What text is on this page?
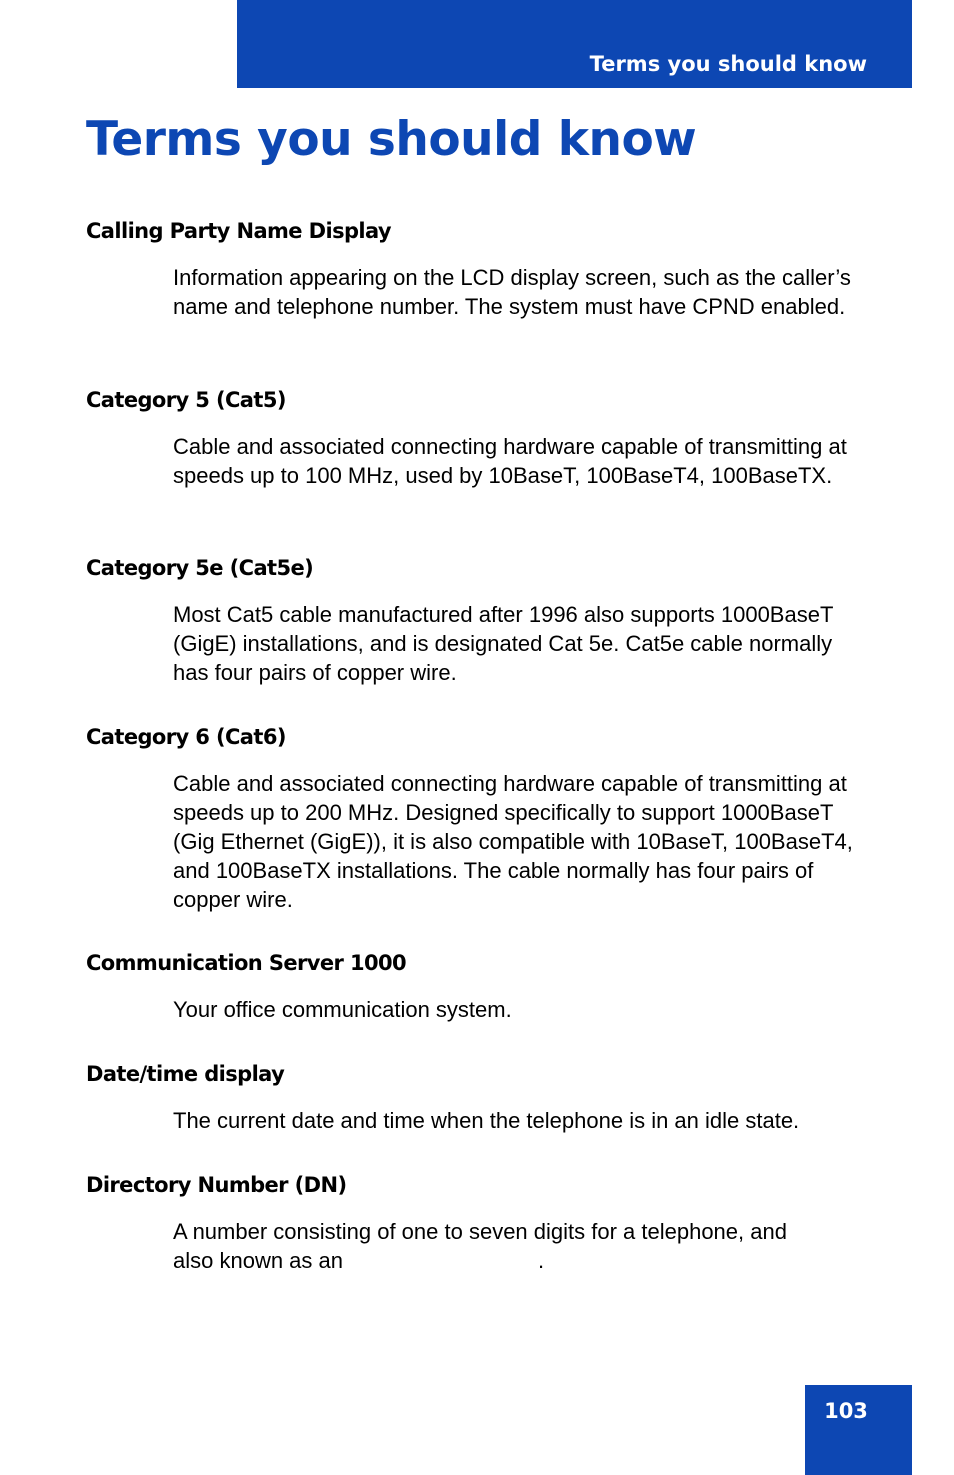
Terms you should know
Terms you should know
Calling Party Name Display

Information appearing on the LCD display screen, such as the caller’s name and telephone number. The system must have CPND enabled.

Category 5 (Cat5)

Cable and associated connecting hardware capable of transmitting at speeds up to 100 MHz, used by 10BaseT, 100BaseT4, 100BaseTX.

Category 5e (Cat5e)

Most Cat5 cable manufactured after 1996 also supports 1000BaseT (GigE) installations, and is designated Cat 5e. Cat5e cable normally has four pairs of copper wire.

Category 6 (Cat6)

Cable and associated connecting hardware capable of transmitting at speeds up to 200 MHz. Designed specifically to support 1000BaseT (Gig Ethernet (GigE)), it is also compatible with 10BaseT, 100BaseT4, and 100BaseTX installations. The cable normally has four pairs of copper wire.

Communication Server 1000

Your office communication system.

Date/time display

The current date and time when the telephone is in an idle state.

Directory Number (DN)

A number consisting of one to seven digits for a telephone, and
also known as an	.

103
